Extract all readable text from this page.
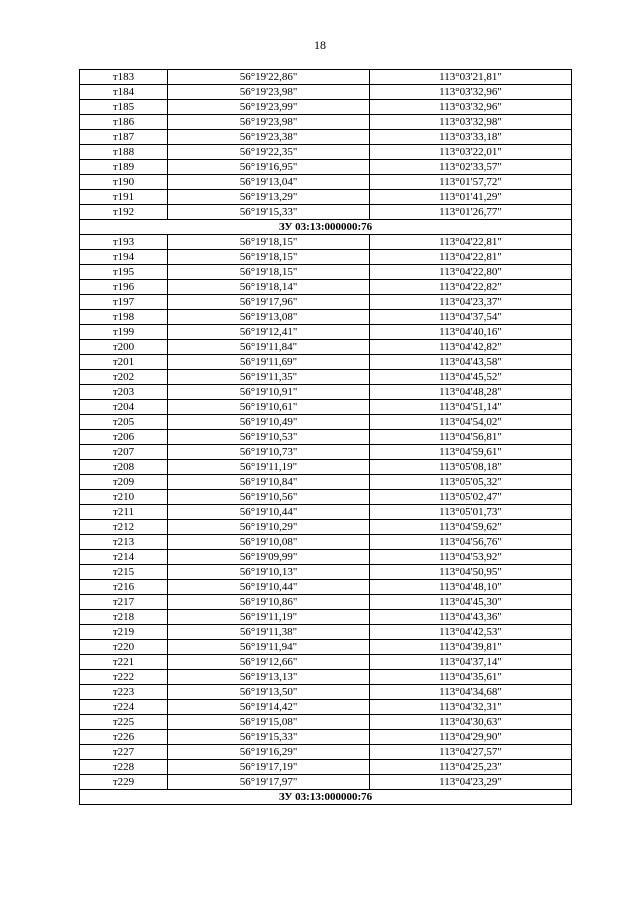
18
т183	56°19'22,86"	113°03'21,81"
т184	56°19'23,98"	113°03'32,96"
т185	56°19'23,99"	113°03'32,96"
т186	56°19'23,98"	113°03'32,98"
т187	56°19'23,38"	113°03'33,18"
т188	56°19'22,35"	113°03'22,01"
т189	56°19'16,95"	113°02'33,57"
т190	56°19'13,04"	113°01'57,72"
т191	56°19'13,29"	113°01'41,29"
т192	56°19'15,33"	113°01'26,77"
ЗУ 03:13:000000:76		
т193	56°19'18,15"	113°04'22,81"
т194	56°19'18,15"	113°04'22,81"
т195	56°19'18,15"	113°04'22,80"
т196	56°19'18,14"	113°04'22,82"
т197	56°19'17,96"	113°04'23,37"
т198	56°19'13,08"	113°04'37,54"
т199	56°19'12,41"	113°04'40,16"
т200	56°19'11,84"	113°04'42,82"
т201	56°19'11,69"	113°04'43,58"
т202	56°19'11,35"	113°04'45,52"
т203	56°19'10,91"	113°04'48,28"
т204	56°19'10,61"	113°04'51,14"
т205	56°19'10,49"	113°04'54,02"
т206	56°19'10,53"	113°04'56,81"
т207	56°19'10,73"	113°04'59,61"
т208	56°19'11,19"	113°05'08,18"
т209	56°19'10,84"	113°05'05,32"
т210	56°19'10,56"	113°05'02,47"
т211	56°19'10,44"	113°05'01,73"
т212	56°19'10,29"	113°04'59,62"
т213	56°19'10,08"	113°04'56,76"
т214	56°19'09,99"	113°04'53,92"
т215	56°19'10,13"	113°04'50,95"
т216	56°19'10,44"	113°04'48,10"
т217	56°19'10,86"	113°04'45,30"
т218	56°19'11,19"	113°04'43,36"
т219	56°19'11,38"	113°04'42,53"
т220	56°19'11,94"	113°04'39,81"
т221	56°19'12,66"	113°04'37,14"
т222	56°19'13,13"	113°04'35,61"
т223	56°19'13,50"	113°04'34,68"
т224	56°19'14,42"	113°04'32,31"
т225	56°19'15,08"	113°04'30,63"
т226	56°19'15,33"	113°04'29,90"
т227	56°19'16,29"	113°04'27,57"
т228	56°19'17,19"	113°04'25,23"
т229	56°19'17,97"	113°04'23,29"
ЗУ 03:13:000000:76		
